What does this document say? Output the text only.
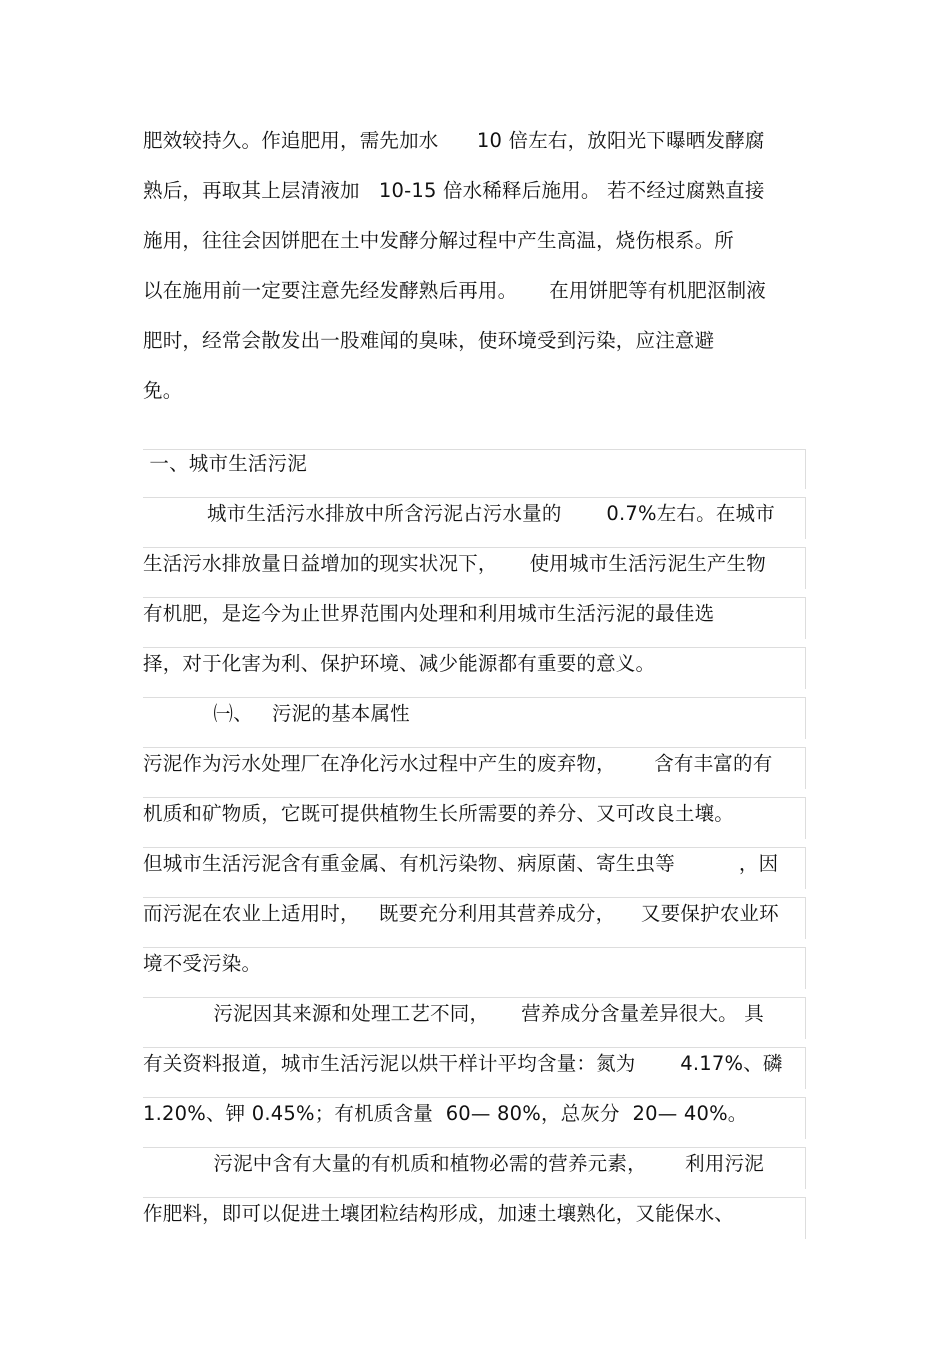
肥效较持久。作追肥用，需先加水      10 倍左右，放阳光下曝晒发酵腐
熟后，再取其上层清液加   10-15 倍水稀释后施用。 若不经过腐熟直接
施用，往往会因饼肥在土中发酵分解过程中产生高温，烧伤根系。所
以在施用前一定要注意先经发酵熟后再用。     在用饼肥等有机肥沤制液
肥时，经常会散发出一股难闻的臭味，使环境受到污染，应注意避
免。
一、城市生活污泥
城市生活污水排放中所含污泥占污水量的       0.7%左右。在城市
生活污水排放量日益增加的现实状况下，     使用城市生活污泥生产生物
有机肥，是迄今为止世界范围内处理和利用城市生活污泥的最佳选
择，对于化害为利、保护环境、减少能源都有重要的意义。
㈠、   污泥的基本属性
污泥作为污水处理厂在净化污水过程中产生的废弃物，      含有丰富的有
机质和矿物质，它既可提供植物生长所需要的养分、又可改良土壤。
但城市生活污泥含有重金属、有机污染物、病原菌、寄生虫等          ，因
而污泥在农业上适用时，   既要充分利用其营养成分，    又要保护农业环
境不受污染。
污泥因其来源和处理工艺不同，     营养成分含量差异很大。 具
有关资料报道，城市生活污泥以烘干样计平均含量：氮为       4.17%、磷
1.20%、钾 0.45%；有机质含量  60— 80%，总灰分  20— 40%。
污泥中含有大量的有机质和植物必需的营养元素，      利用污泥
作肥料，即可以促进土壤团粒结构形成，加速土壤熟化，又能保水、
